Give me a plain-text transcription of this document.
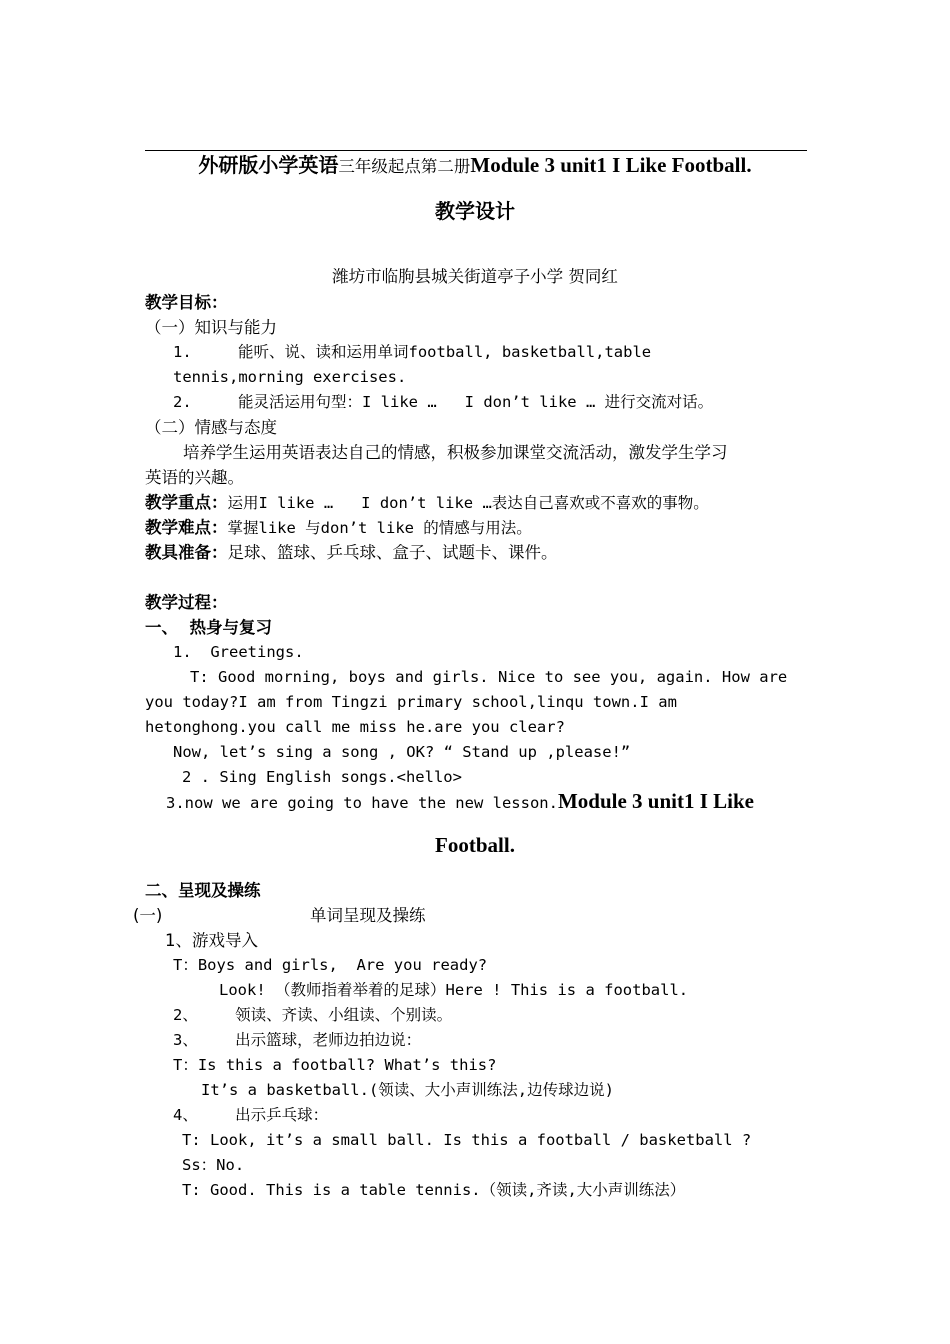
外研版小学英语三年级起点第二册Module 3 unit1 I Like Football.
教学设计
潍坊市临朐县城关街道亭子小学 贺同红
教学目标：
（一）知识与能力
1.	能听、说、读和运用单词football, basketball,table
tennis,morning exercises.
2.	能灵活运用句型：I like …   I don’t like … 进行交流对话。
（二）情感与态度
培养学生运用英语表达自己的情感，积极参加课堂交流活动，激发学生学习
英语的兴趣。
教学重点：运用I like …   I don’t like …表达自己喜欢或不喜欢的事物。
教学难点：掌握like 与don’t like 的情感与用法。
教具准备：足球、篮球、乒乓球、盒子、试题卡、课件。
教学过程：
一、  热身与复习
1.  Greetings.
T: Good morning, boys and girls. Nice to see you, again. How are
you today?I am from Tingzi primary school,linqu town.I am
hetonghong.you call me miss he.are you clear?
Now, let’s sing a song , OK? “ Stand up ,please!”
2 . Sing English songs.<hello>
3.now we are going to have the new lesson.Module 3 unit1 I Like
Football.
二、呈现及操练
(一)	单词呈现及操练
1、游戏导入
T：Boys and girls,  Are you ready?
Look! （教师指着举着的足球）Here ! This is a football.
2、    领读、齐读、小组读、个别读。
3、    出示篮球，老师边拍边说：
T：Is this a football? What’s this?
It’s a basketball.(领读、大小声训练法,边传球边说)
4、    出示乒乓球：
T: Look, it’s a small ball. Is this a football / basketball ?
Ss：No.
T: Good. This is a table tennis.（领读,齐读,大小声训练法）
